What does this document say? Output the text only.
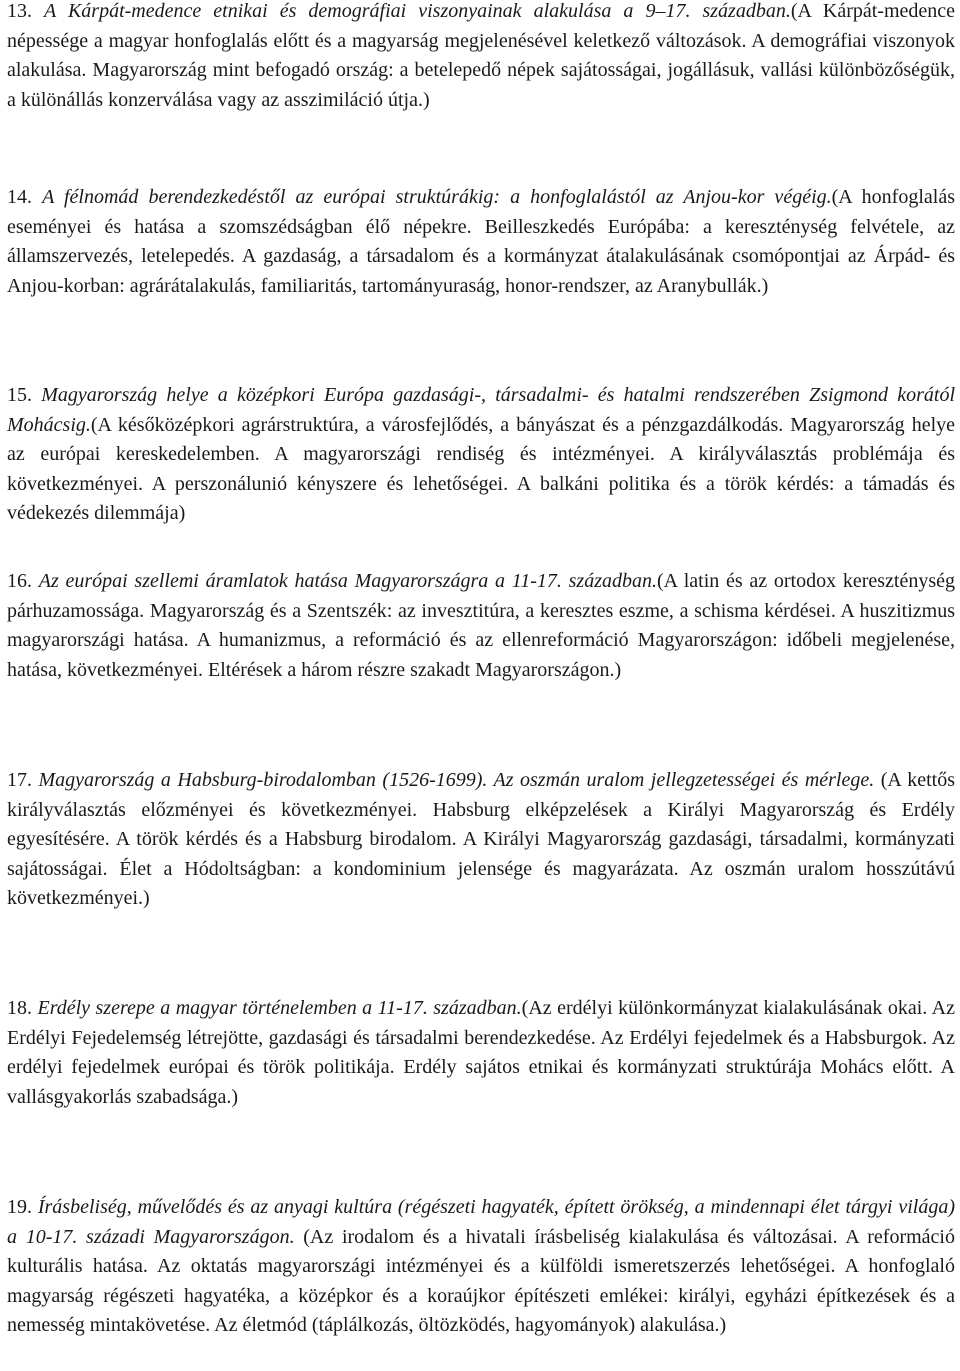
13. A Kárpát-medence etnikai és demográfiai viszonyainak alakulása a 9–17. században.(A Kárpát-medence népessége a magyar honfoglalás előtt és a magyarság megjelenésével keletkező változások. A demográfiai viszonyok alakulása. Magyarország mint befogadó ország: a betelepedő népek sajátosságai, jogállásuk, vallási különbözőségük, a különállás konzerválása vagy az asszimiláció útja.)

14. A félnomád berendezkedéstől az európai struktúrákig: a honfoglalástól az Anjou-kor végéig.(A honfoglalás eseményei és hatása a szomszédságban élő népekre. Beilleszkedés Európába: a kereszténység felvétele, az államszervezés, letelepedés. A gazdaság, a társadalom és a kormányzat átalakulásának csomópontjai az Árpád- és Anjou-korban: agrárátalakulás, familiaritás, tartományuraság, honor-rendszer, az Aranybullák.)

15. Magyarország helye a középkori Európa gazdasági-, társadalmi- és hatalmi rendszerében Zsigmond korától Mohácsig.(A későközépkori agrárstruktúra, a városfejlődés, a bányászat és a pénzgazdálkodás. Magyarország helye az európai kereskedelemben. A magyarországi rendiség és intézményei. A királyválasztás problémája és következményei. A perszonálunió kényszere és lehetőségei. A balkáni politika és a török kérdés: a támadás és védekezés dilemmája)

16. Az európai szellemi áramlatok hatása Magyarországra a 11-17. században.(A latin és az ortodox kereszténység párhuzamossága. Magyarország és a Szentszék: az invesztitúra, a keresztes eszme, a schisma kérdései. A huszitizmus magyarországi hatása. A humanizmus, a reformáció és az ellenreformáció Magyarországon: időbeli megjelenése, hatása, következményei. Eltérések a három részre szakadt Magyarországon.)

17. Magyarország a Habsburg-birodalomban (1526-1699). Az oszmán uralom jellegzetességei és mérlege. (A kettős királyválasztás előzményei és következményei. Habsburg elképzelések a Királyi Magyarország és Erdély egyesítésére. A török kérdés és a Habsburg birodalom. A Királyi Magyarország gazdasági, társadalmi, kormányzati sajátosságai. Élet a Hódoltságban: a kondominium jelensége és magyarázata. Az oszmán uralom hosszútávú következményei.)

18. Erdély szerepe a magyar történelemben a 11-17. században.(Az erdélyi különkormányzat kialakulásának okai. Az Erdélyi Fejedelemség létrejötte, gazdasági és társadalmi berendezkedése. Az Erdélyi fejedelmek és a Habsburgok. Az erdélyi fejedelmek európai és török politikája. Erdély sajátos etnikai és kormányzati struktúrája Mohács előtt. A vallásgyakorlás szabadsága.)

19. Írásbeliség, művelődés és az anyagi kultúra (régészeti hagyaték, épített örökség, a mindennapi élet tárgyi világa) a 10-17. századi Magyarországon. (Az irodalom és a hivatali írásbeliség kialakulása és változásai. A reformáció kulturális hatása. Az oktatás magyarországi intézményei és a külföldi ismeretszerzés lehetőségei. A honfoglaló magyarság régészeti hagyatéka, a középkor és a koraújkor építészeti emlékei: királyi, egyházi építkezések és a nemesség mintakövetése. Az életmód (táplálkozás, öltözködés, hagyományok) alakulása.)
